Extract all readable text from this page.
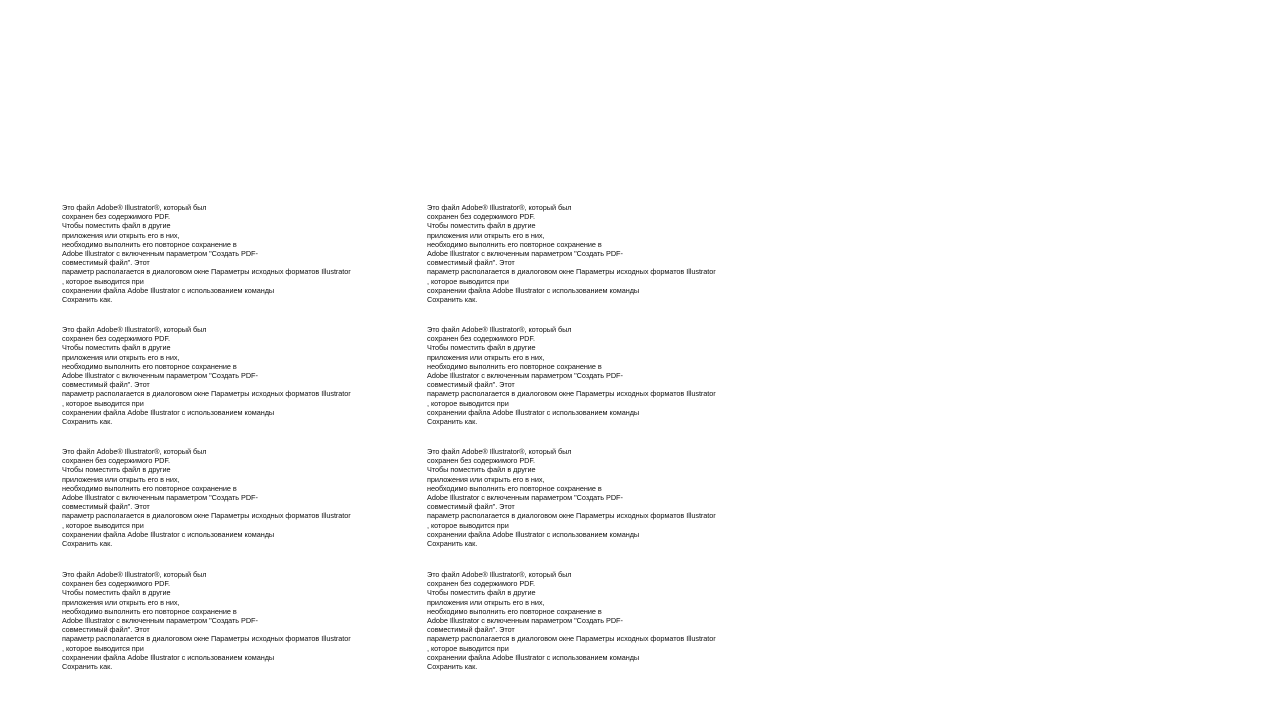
Это файл Adobe® Illustrator®, который был
сохранен без содержимого PDF.
Чтобы поместить файл в другие
приложения или открыть его в них,
необходимо выполнить его повторное сохранение в
Adobe Illustrator с включенным параметром "Создать PDF-
совместимый файл". Этот
параметр располагается в диалоговом окне Параметры исходных форматов Illustrator
, которое выводится при
сохранении файла Adobe Illustrator с использованием команды
Сохранить как.
Это файл Adobe® Illustrator®, который был
сохранен без содержимого PDF.
Чтобы поместить файл в другие
приложения или открыть его в них,
необходимо выполнить его повторное сохранение в
Adobe Illustrator с включенным параметром "Создать PDF-
совместимый файл". Этот
параметр располагается в диалоговом окне Параметры исходных форматов Illustrator
, которое выводится при
сохранении файла Adobe Illustrator с использованием команды
Сохранить как.
Это файл Adobe® Illustrator®, который был
сохранен без содержимого PDF.
Чтобы поместить файл в другие
приложения или открыть его в них,
необходимо выполнить его повторное сохранение в
Adobe Illustrator с включенным параметром "Создать PDF-
совместимый файл". Этот
параметр располагается в диалоговом окне Параметры исходных форматов Illustrator
, которое выводится при
сохранении файла Adobe Illustrator с использованием команды
Сохранить как.
Это файл Adobe® Illustrator®, который был
сохранен без содержимого PDF.
Чтобы поместить файл в другие
приложения или открыть его в них,
необходимо выполнить его повторное сохранение в
Adobe Illustrator с включенным параметром "Создать PDF-
совместимый файл". Этот
параметр располагается в диалоговом окне Параметры исходных форматов Illustrator
, которое выводится при
сохранении файла Adobe Illustrator с использованием команды
Сохранить как.
Это файл Adobe® Illustrator®, который был
сохранен без содержимого PDF.
Чтобы поместить файл в другие
приложения или открыть его в них,
необходимо выполнить его повторное сохранение в
Adobe Illustrator с включенным параметром "Создать PDF-
совместимый файл". Этот
параметр располагается в диалоговом окне Параметры исходных форматов Illustrator
, которое выводится при
сохранении файла Adobe Illustrator с использованием команды
Сохранить как.
Это файл Adobe® Illustrator®, который был
сохранен без содержимого PDF.
Чтобы поместить файл в другие
приложения или открыть его в них,
необходимо выполнить его повторное сохранение в
Adobe Illustrator с включенным параметром "Создать PDF-
совместимый файл". Этот
параметр располагается в диалоговом окне Параметры исходных форматов Illustrator
, которое выводится при
сохранении файла Adobe Illustrator с использованием команды
Сохранить как.
Это файл Adobe® Illustrator®, который был
сохранен без содержимого PDF.
Чтобы поместить файл в другие
приложения или открыть его в них,
необходимо выполнить его повторное сохранение в
Adobe Illustrator с включенным параметром "Создать PDF-
совместимый файл". Этот
параметр располагается в диалоговом окне Параметры исходных форматов Illustrator
, которое выводится при
сохранении файла Adobe Illustrator с использованием команды
Сохранить как.
Это файл Adobe® Illustrator®, который был
сохранен без содержимого PDF.
Чтобы поместить файл в другие
приложения или открыть его в них,
необходимо выполнить его повторное сохранение в
Adobe Illustrator с включенным параметром "Создать PDF-
совместимый файл". Этот
параметр располагается в диалоговом окне Параметры исходных форматов Illustrator
, которое выводится при
сохранении файла Adobe Illustrator с использованием команды
Сохранить как.
